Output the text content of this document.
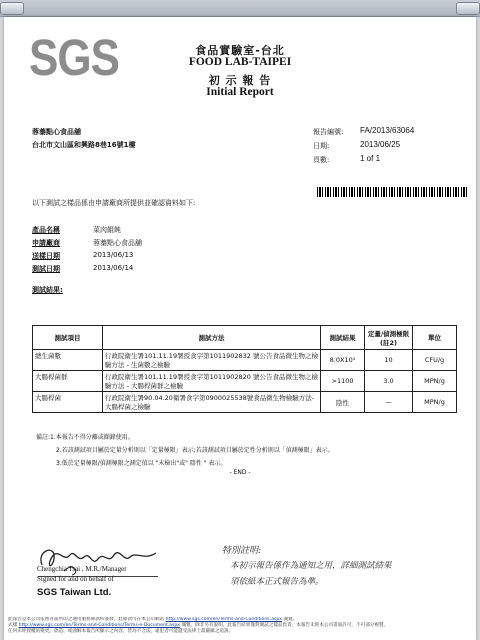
SGS	食品實驗室-台北
FOOD LAB-TAIPEI
初 示 報 告
Initial Report
蓉蓁點心食品舖
台北市文山區和興路8巷16號1樓
報告編號: FA/2013/63064
日期:	2013/06/25
頁數:	1 of 1
以下測試之樣品係由申請廠商所提供並確認資料如下:
產品名稱	菜肉餛飩
申請廠商	蓉蓁點心食品舖
送樣日期	2013/06/13
測試日期	2013/06/14
測試結果:
測試項目	測試方法	測試結果	定量/偵測極限(註2)	單位
總生菌數	行政院衛生署101.11.19署授食字第1011902832 號公告食品微生物之檢驗方法 - 生菌數之檢驗	8.0X10⁵	10	CFU/g
大腸桿菌群	行政院衛生署101.11.19署授食字第1011902820 號公告食品微生物之檢驗方法 - 大腸桿菌群之檢驗	>1100	3.0	MPN/g
大腸桿菌	行政院衛生署90.04.20衛署食字第0900025538號食品微生物檢驗方法-大腸桿菌之檢驗	陰性	—	MPN/g
備註:1.本報告不得分離或擷錄使用。
2.若該測試項目屬於定量分析則以「定量極限」表示;若該測試項目屬於定性分析則以「偵測極限」表示。
3.低於定量極限/偵測極限之測定值以 "未檢出"或" 陰性 " 表示。
- END -
Chengchia Tsai , M.R./Manager
Signed for and on behalf of
SGS Taiwan Ltd.
特別註明:
本初示報告係作為通知之用，詳細測試結果
須依紙本正式報告為準。
此報告是本公司依照背面所印之通用服務條款所簽發，此條款可在本公司網站 http://www.sgs.com/en/Terms-and-Conditions.aspx 閱覽。
式樣 http://www.sgs.com/en/Terms-and-Conditions/Terms-e-Document.aspx 閱覽。除非另有說明，此報告結果僅對測試之樣品負責，本報告未經本公司書面許可，不可部分複製。
任何未經授權的變更、偽造、或曲解本報告所顯示之內容，皆為不合法，違犯者可能遭受法律上最嚴厲之追訴。
